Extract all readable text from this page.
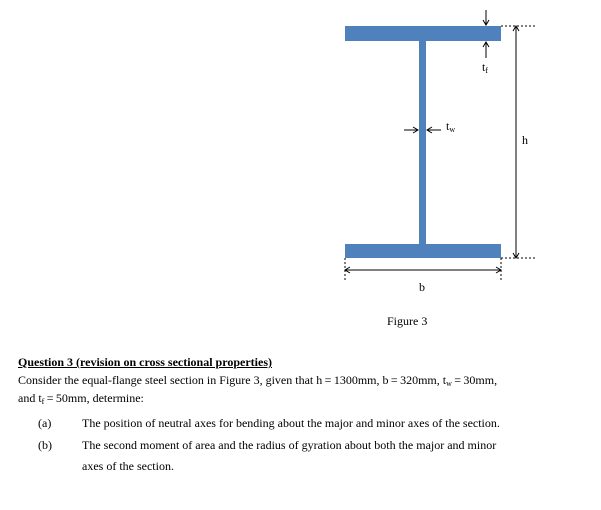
tf
tw
h
b
Figure 3
Question 3 (revision on cross sectional properties)
Consider the equal-flange steel section in Figure 3, given that h = 1300mm, b = 320mm, $t_w = 30mm$,
and $t_f = 50mm$, determine:
(a)	The position of neutral axes for bending about the major and minor axes of the section.
(b)	The second moment of area and the radius of gyration about both the major and minor
axes of the section.
